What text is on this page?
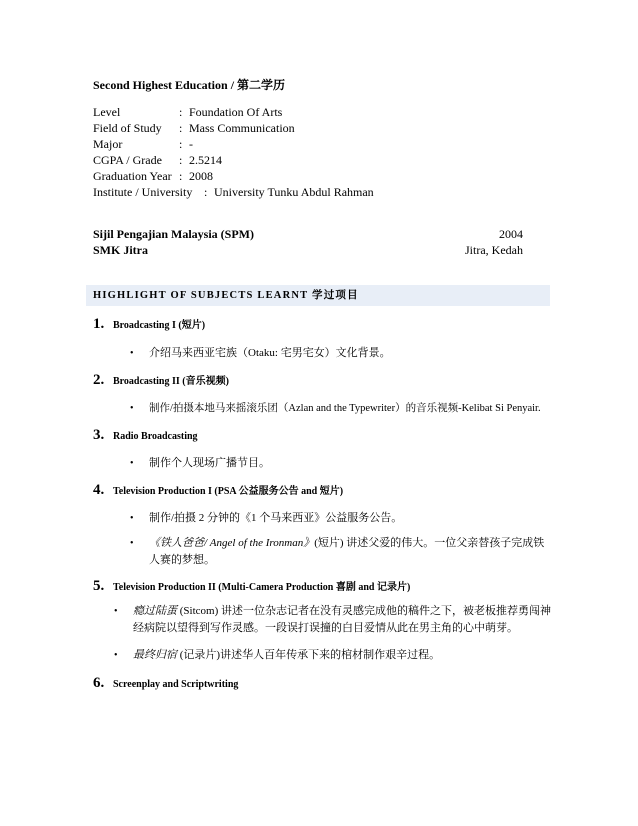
Second Highest Education / 第二学历
Level	: Foundation Of Arts
Field of Study	: Mass Communication
Major	: -
CGPA / Grade	: 2.5214
Graduation Year : 2008
Institute / University : University Tunku Abdul Rahman
Sijil Pengajian Malaysia (SPM)	2004
SMK Jitra	Jitra, Kedah
HIGHLIGHT OF SUBJECTS LEARNT 学过项目
1. Broadcasting I (短片)
•	介绍马来西亚宅族（Otaku: 宅男宅女）文化背景。
2. Broadcasting II (音乐视频)
•	制作/拍摄本地马来摇滚乐团（Azlan and the Typewriter）的音乐视频-Kelibat Si Penyair.
3. Radio Broadcasting
•	制作个人现场广播节目。
4. Television Production I (PSA 公益服务公告 and 短片)
•	制作/拍摄 2 分钟的《1 个马来西亚》公益服务公告。
•	《铁人爸爸/ Angel of the Ironman》(短片) 讲述父爱的伟大。一位父亲替孩子完成铁人赛的梦想。
5. Television Production II (Multi-Camera Production 喜剧 and 记录片)
•	瘾过陆蛋 (Sitcom) 讲述一位杂志记者在没有灵感完成他的稿件之下，被老板推荐勇闯神经病院以望得到写作灵感。一段误打误撞的白目爱情从此在男主角的心中萌芽。
•	最终归宿 (记录片)讲述华人百年传承下来的棺材制作艰辛过程。
6. Screenplay and Scriptwriting
